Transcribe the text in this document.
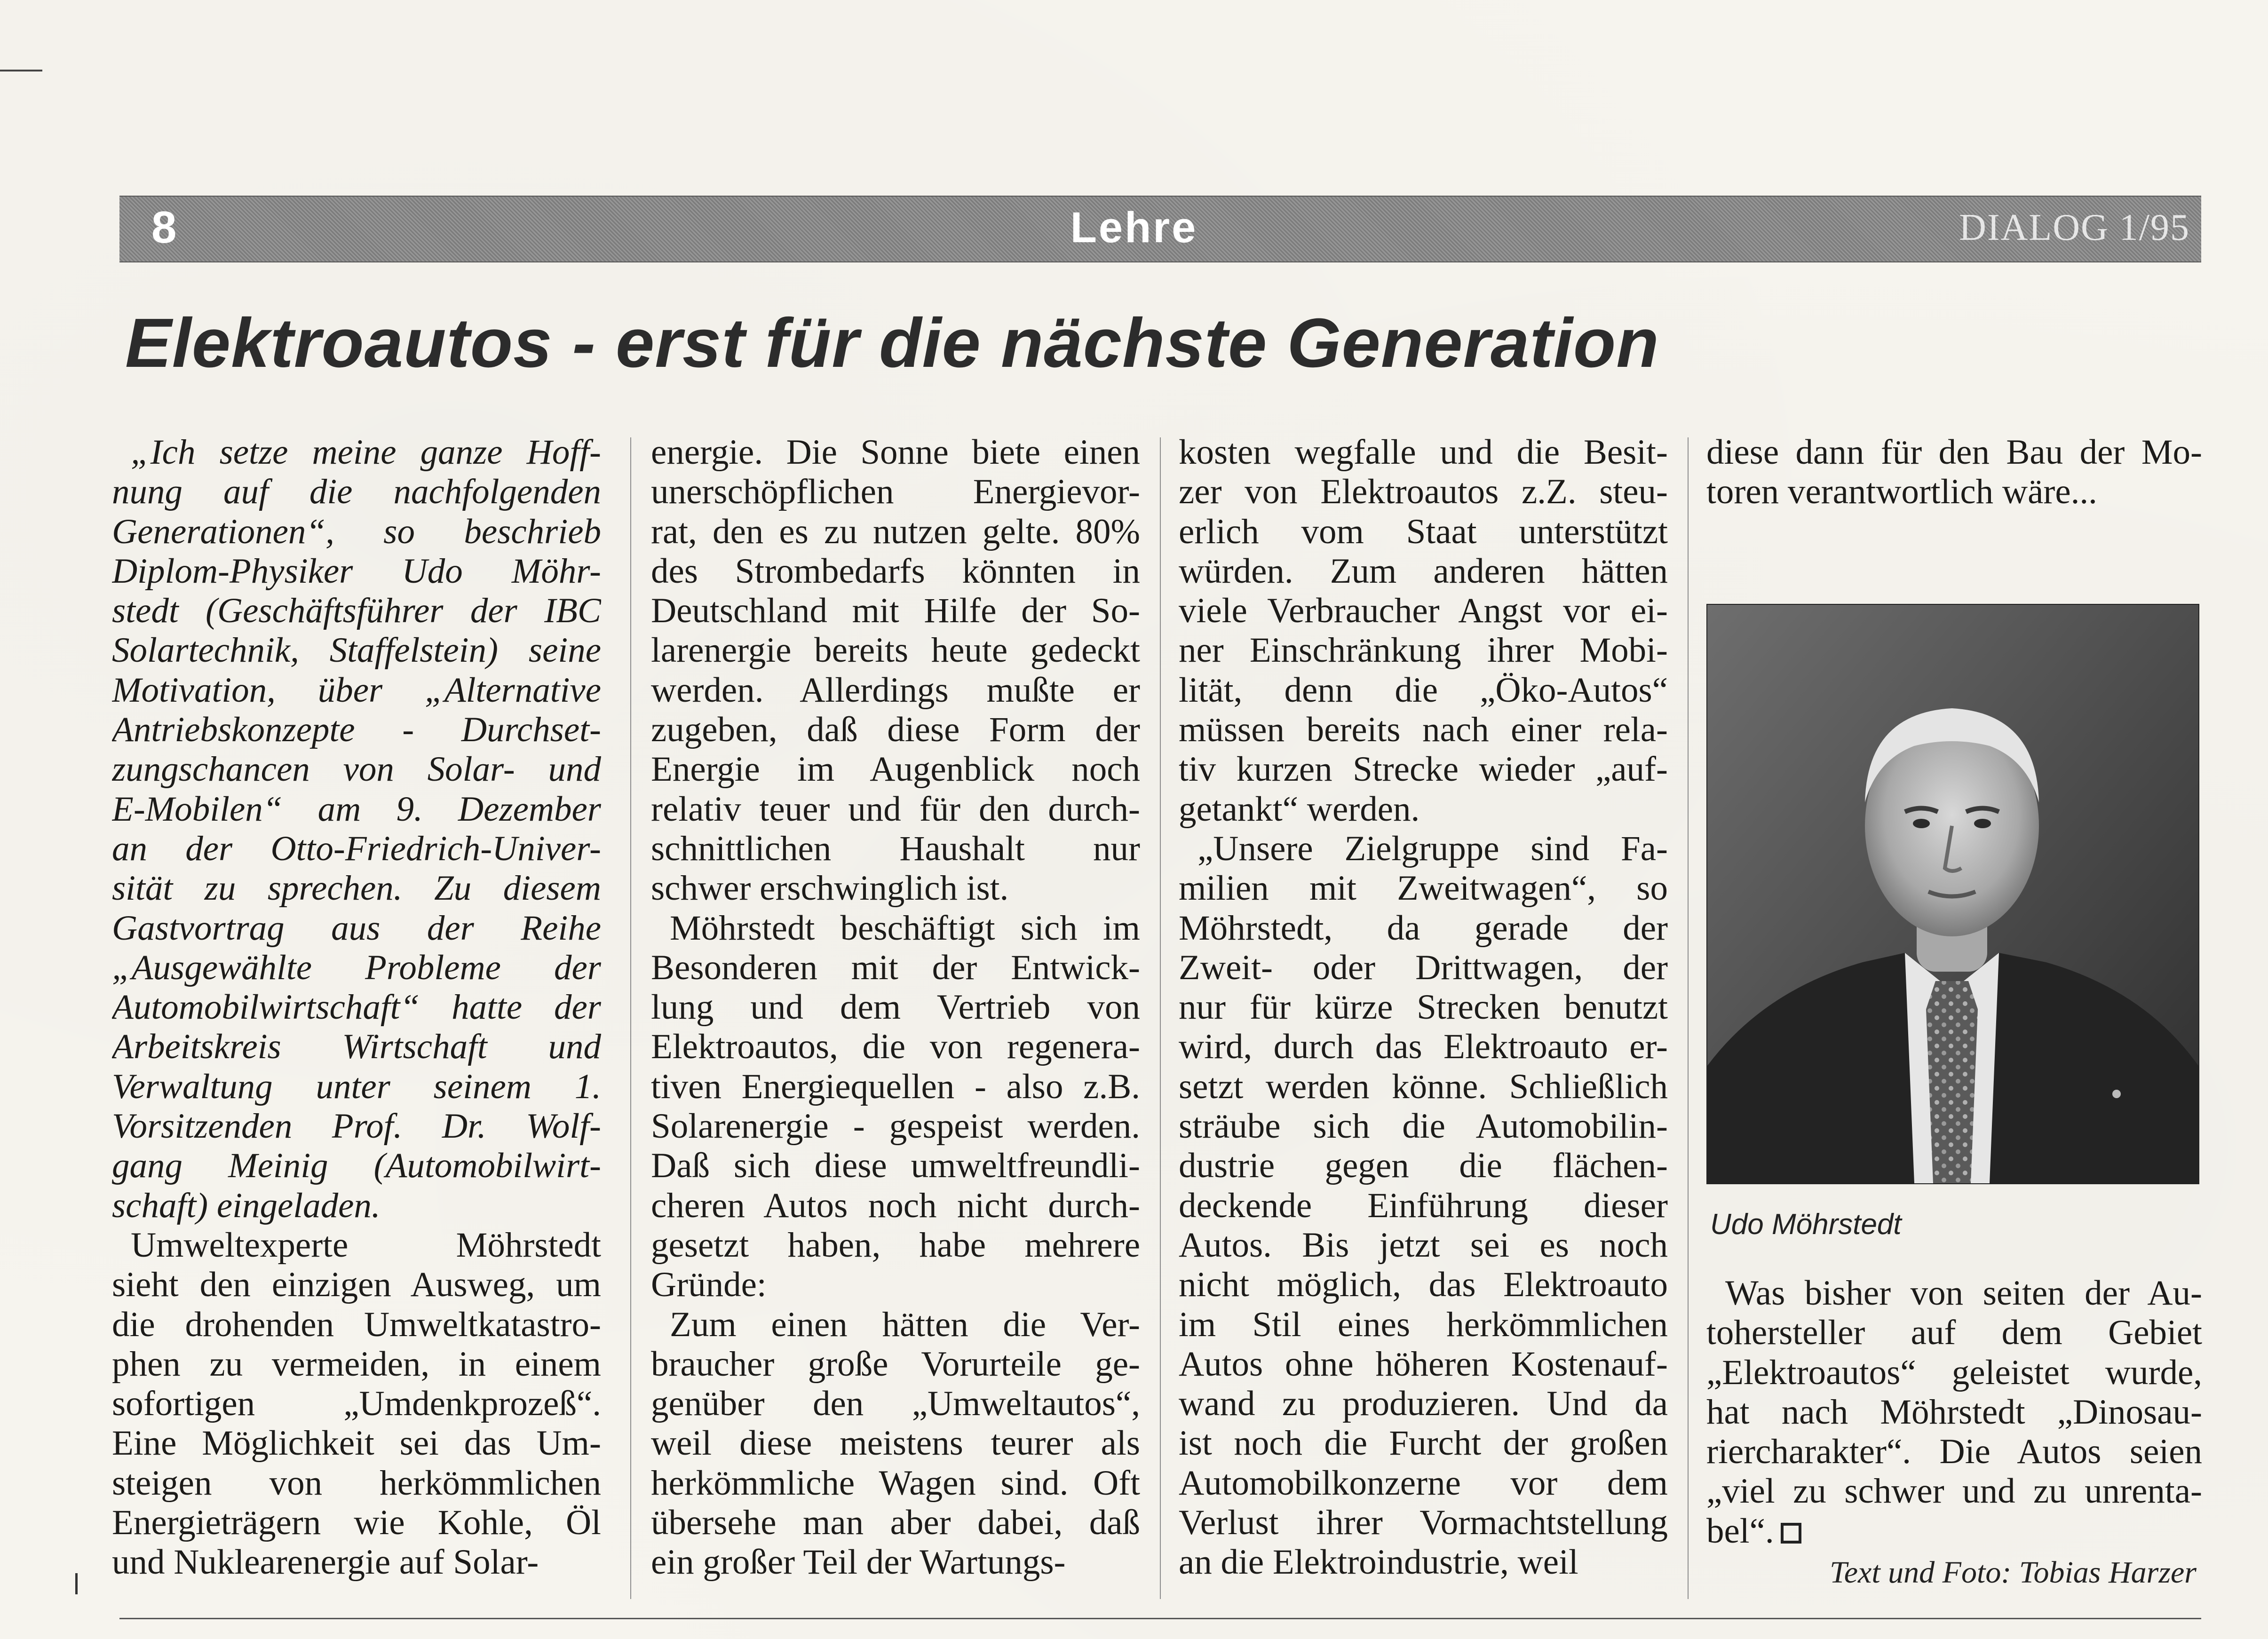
8	Lehre	DIALOG 1/95
Elektroautos - erst für die nächste Generation
„Ich setze meine ganze Hoff-
nung auf die nachfolgenden
Generationen“, so beschrieb
Diplom-Physiker Udo Möhr-
stedt (Geschäftsführer der IBC
Solartechnik, Staffelstein) seine
Motivation, über „Alternative
Antriebskonzepte - Durchset-
zungschancen von Solar- und
E-Mobilen“ am 9. Dezember
an der Otto-Friedrich-Univer-
sität zu sprechen. Zu diesem
Gastvortrag aus der Reihe
„Ausgewählte Probleme der
Automobilwirtschaft“ hatte der
Arbeitskreis Wirtschaft und
Verwaltung unter seinem 1.
Vorsitzenden Prof. Dr. Wolf-
gang Meinig (Automobilwirt-
schaft) eingeladen.
Umweltexperte Möhrstedt
sieht den einzigen Ausweg, um
die drohenden Umweltkatastro-
phen zu vermeiden, in einem
sofortigen „Umdenkprozeß“.
Eine Möglichkeit sei das Um-
steigen von herkömmlichen
Energieträgern wie Kohle, Öl
und Nuklearenergie auf Solar-
energie. Die Sonne biete einen
unerschöpflichen Energievor-
rat, den es zu nutzen gelte. 80%
des Strombedarfs könnten in
Deutschland mit Hilfe der So-
larenergie bereits heute gedeckt
werden. Allerdings mußte er
zugeben, daß diese Form der
Energie im Augenblick noch
relativ teuer und für den durch-
schnittlichen Haushalt nur
schwer erschwinglich ist.
Möhrstedt beschäftigt sich im
Besonderen mit der Entwick-
lung und dem Vertrieb von
Elektroautos, die von regenera-
tiven Energiequellen - also z.B.
Solarenergie - gespeist werden.
Daß sich diese umweltfreundli-
cheren Autos noch nicht durch-
gesetzt haben, habe mehrere
Gründe:
Zum einen hätten die Ver-
braucher große Vorurteile ge-
genüber den „Umweltautos“,
weil diese meistens teurer als
herkömmliche Wagen sind. Oft
übersehe man aber dabei, daß
ein großer Teil der Wartungs-
kosten wegfalle und die Besit-
zer von Elektroautos z.Z. steu-
erlich vom Staat unterstützt
würden. Zum anderen hätten
viele Verbraucher Angst vor ei-
ner Einschränkung ihrer Mobi-
lität, denn die „Öko-Autos“
müssen bereits nach einer rela-
tiv kurzen Strecke wieder „auf-
getankt“ werden.
„Unsere Zielgruppe sind Fa-
milien mit Zweitwagen“, so
Möhrstedt, da gerade der
Zweit- oder Drittwagen, der
nur für kürze Strecken benutzt
wird, durch das Elektroauto er-
setzt werden könne. Schließlich
sträube sich die Automobilin-
dustrie gegen die flächen-
deckende Einführung dieser
Autos. Bis jetzt sei es noch
nicht möglich, das Elektroauto
im Stil eines herkömmlichen
Autos ohne höheren Kostenauf-
wand zu produzieren. Und da
ist noch die Furcht der großen
Automobilkonzerne vor dem
Verlust ihrer Vormachtstellung
an die Elektroindustrie, weil
diese dann für den Bau der Mo-
toren verantwortlich wäre...
Udo Möhrstedt
Was bisher von seiten der Au-
tohersteller auf dem Gebiet
„Elektroautos“ geleistet wurde,
hat nach Möhrstedt „Dinosau-
riercharakter“. Die Autos seien
„viel zu schwer und zu unrenta-
bel“.
Text und Foto: Tobias Harzer
